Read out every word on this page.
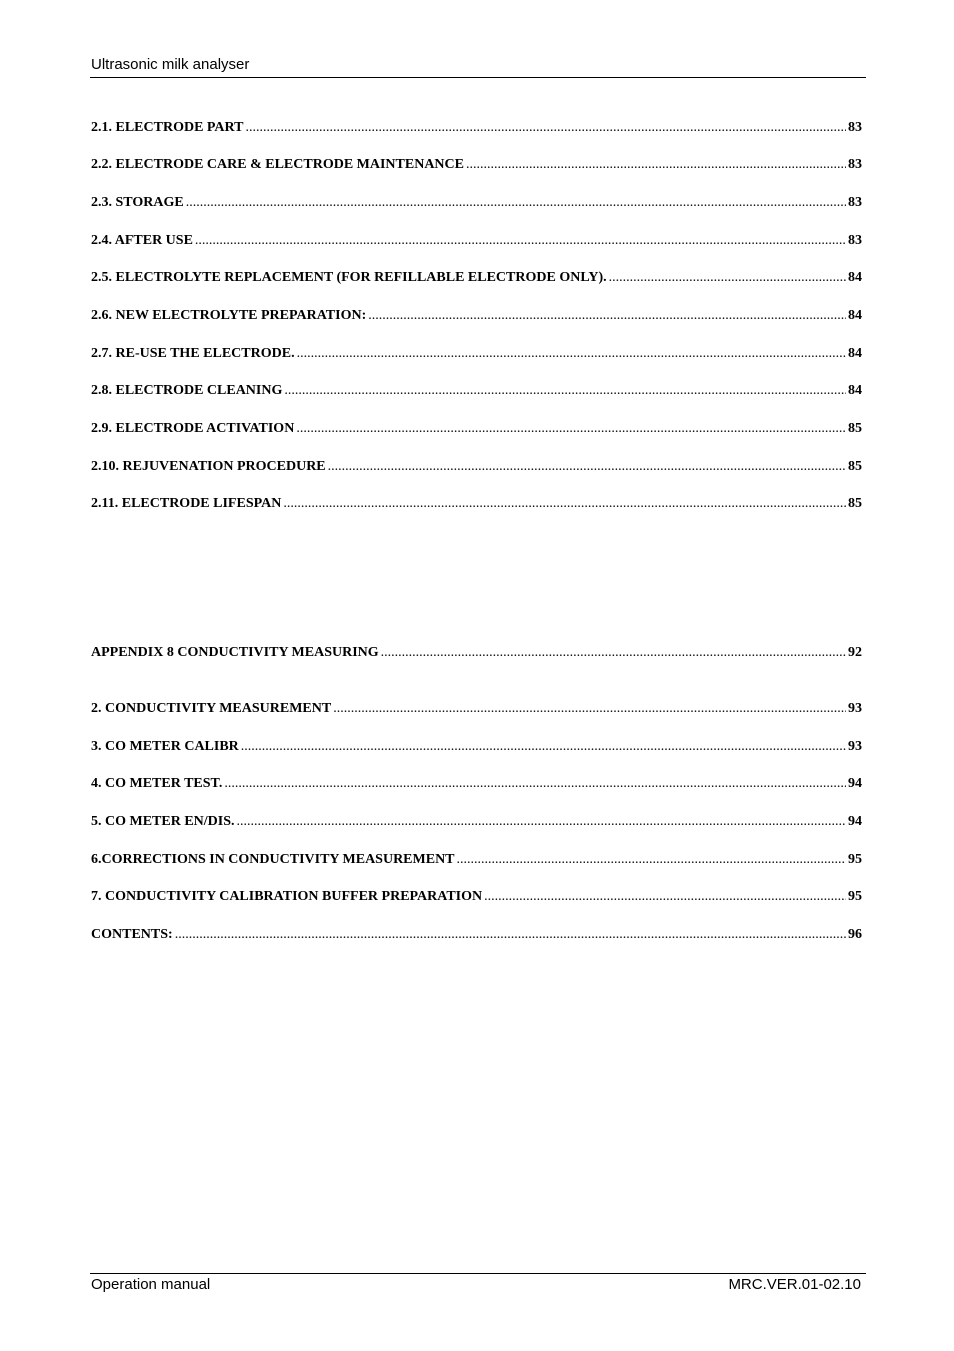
Ultrasonic milk analyser
2.1. ELECTRODE PART .....	83
2.2. ELECTRODE CARE & ELECTRODE MAINTENANCE .....	83
2.3. STORAGE .....	83
2.4. AFTER USE .....	83
2.5. ELECTROLYTE REPLACEMENT (FOR REFILLABLE ELECTRODE ONLY). .....	84
2.6. NEW ELECTROLYTE PREPARATION: .....	84
2.7. RE-USE THE ELECTRODE. .....	84
2.8. ELECTRODE CLEANING .....	84
2.9. ELECTRODE ACTIVATION .....	85
2.10. REJUVENATION PROCEDURE .....	85
2.11. ELECTRODE LIFESPAN .....	85
APPENDIX 8 CONDUCTIVITY MEASURING .....	92
2. CONDUCTIVITY MEASUREMENT .....	93
3. CO METER CALIBR .....	93
4. CO METER TEST. .....	94
5. CO METER EN/DIS. .....	94
6.CORRECTIONS IN CONDUCTIVITY MEASUREMENT .....	95
7. CONDUCTIVITY CALIBRATION BUFFER PREPARATION .....	95
CONTENTS: .....	96
Operation manual	MRC.VER.01-02.10
